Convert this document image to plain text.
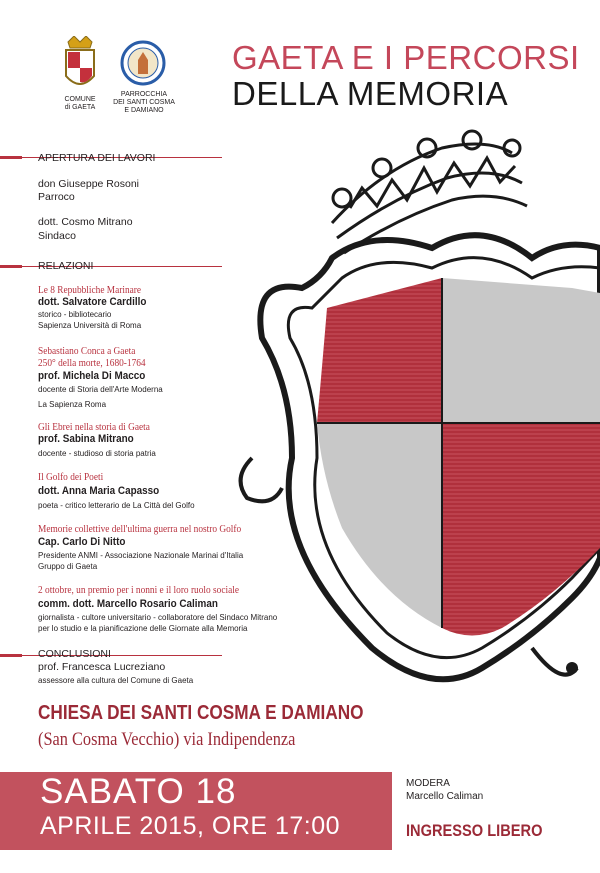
COMUNE
di GAETA
PARROCCHIA
DEI SANTI COSMA
E DAMIANO
GAETA E I PERCORSI
DELLA MEMORIA
APERTURA DEI LAVORI
don Giuseppe Rosoni
Parroco
dott. Cosmo Mitrano
Sindaco
RELAZIONI
Le 8 Repubbliche Marinare
dott. Salvatore Cardillo
storico - bibliotecario
Sapienza Università di Roma
Sebastiano Conca a Gaeta
250° della morte, 1680-1764
prof. Michela Di Macco
docente di Storia dell'Arte Moderna
La Sapienza Roma
Gli Ebrei nella storia di Gaeta
prof. Sabina Mitrano
docente - studioso di storia patria
Il Golfo dei Poeti
dott. Anna Maria Capasso
poeta - critico letterario de La Città del Golfo
Memorie collettive dell'ultima guerra nel nostro Golfo
Cap. Carlo Di Nitto
Presidente ANMI - Associazione Nazionale Marinai d'Italia
Gruppo di Gaeta
2 ottobre, un premio per i nonni e il loro ruolo sociale
comm. dott. Marcello Rosario Caliman
giornalista - cultore universitario - collaboratore del Sindaco Mitrano
per lo studio e la pianificazione delle Giornate alla Memoria
CONCLUSIONI
prof. Francesca Lucreziano
assessore alla cultura del Comune di Gaeta
CHIESA DEI SANTI COSMA E DAMIANO
(San Cosma Vecchio) via Indipendenza
SABATO 18
APRILE 2015, ORE 17:00
MODERA
Marcello Caliman
INGRESSO LIBERO
